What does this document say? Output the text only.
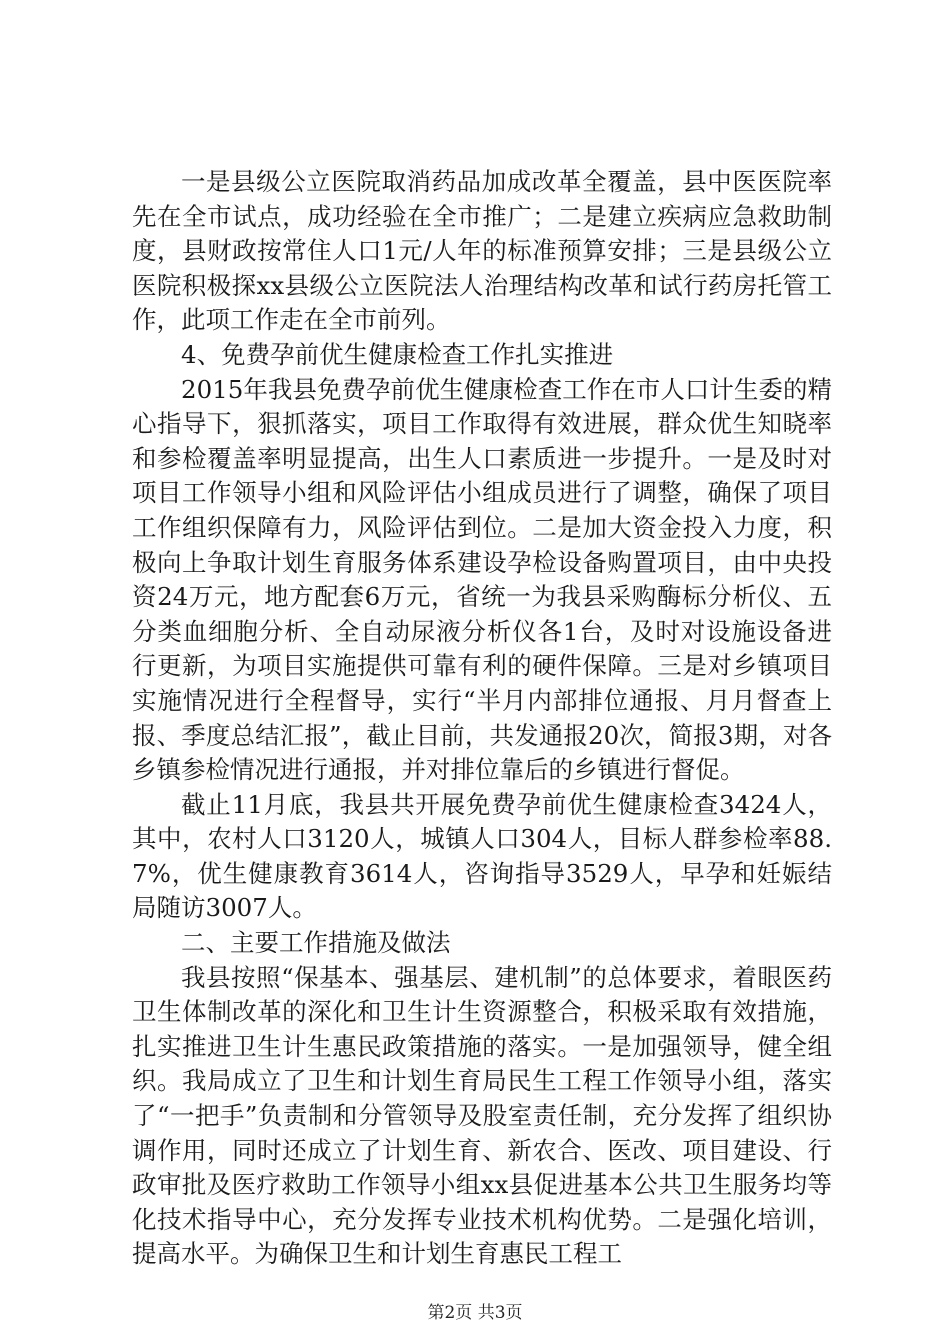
一是县级公立医院取消药品加成改革全覆盖，县中医医院率先在全市试点，成功经验在全市推广；二是建立疾病应急救助制度，县财政按常住人口1元/人年的标准预算安排；三是县级公立医院积极探xx县级公立医院法人治理结构改革和试行药房托管工作，此项工作走在全市前列。

4、免费孕前优生健康检查工作扎实推进

2015年我县免费孕前优生健康检查工作在市人口计生委的精心指导下，狠抓落实，项目工作取得有效进展，群众优生知晓率和参检覆盖率明显提高，出生人口素质进一步提升。一是及时对项目工作领导小组和风险评估小组成员进行了调整，确保了项目工作组织保障有力，风险评估到位。二是加大资金投入力度，积极向上争取计划生育服务体系建设孕检设备购置项目，由中央投资24万元，地方配套6万元，省统一为我县采购酶标分析仪、五分类血细胞分析、全自动尿液分析仪各1台，及时对设施设备进行更新，为项目实施提供可靠有利的硬件保障。三是对乡镇项目实施情况进行全程督导，实行“半月内部排位通报、月月督查上报、季度总结汇报”，截止目前，共发通报20次，简报3期，对各乡镇参检情况进行通报，并对排位靠后的乡镇进行督促。

截止11月底，我县共开展免费孕前优生健康检查3424人，其中，农村人口3120人，城镇人口304人，目标人群参检率88.7%，优生健康教育3614人，咨询指导3529人，早孕和妊娠结局随访3007人。

二、主要工作措施及做法

我县按照“保基本、强基层、建机制”的总体要求，着眼医药卫生体制改革的深化和卫生计生资源整合，积极采取有效措施，扎实推进卫生计生惠民政策措施的落实。一是加强领导，健全组织。我局成立了卫生和计划生育局民生工程工作领导小组，落实了“一把手”负责制和分管领导及股室责任制，充分发挥了组织协调作用，同时还成立了计划生育、新农合、医改、项目建设、行政审批及医疗救助工作领导小组xx县促进基本公共卫生服务均等化技术指导中心，充分发挥专业技术机构优势。二是强化培训，提高水平。为确保卫生和计划生育惠民工程工

第2页 共3页
